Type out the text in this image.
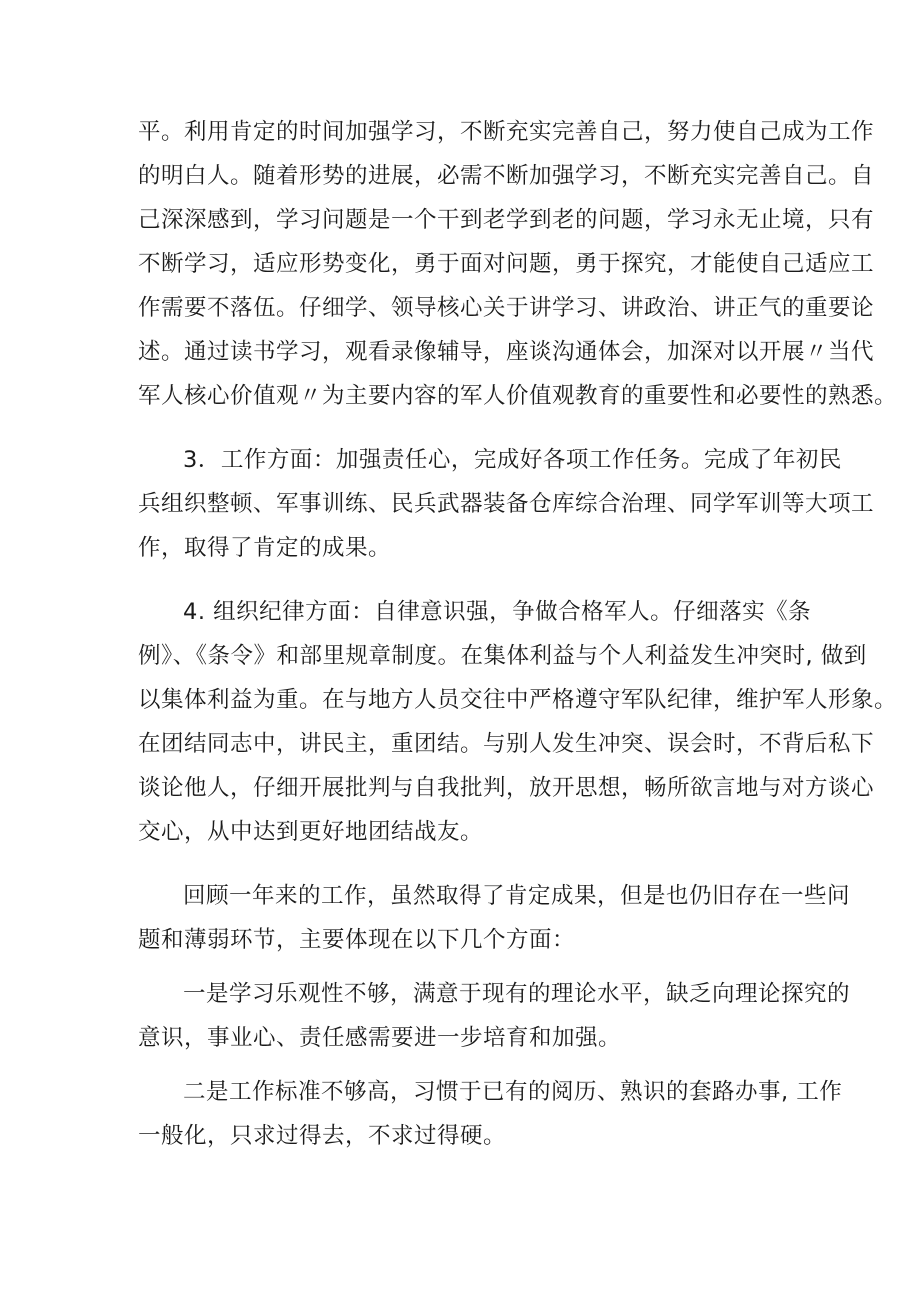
平。利用肯定的时间加强学习，不断充实完善自己，努力使自己成为工作
的明白人。随着形势的进展，必需不断加强学习，不断充实完善自己。自
己深深感到，学习问题是一个干到老学到老的问题，学习永无止境，只有
不断学习，适应形势变化，勇于面对问题，勇于探究，才能使自己适应工
作需要不落伍。仔细学、领导核心关于讲学习、讲政治、讲正气的重要论
述。通过读书学习，观看录像辅导，座谈沟通体会，加深对以开展〃当代
军人核心价值观〃为主要内容的军人价值观教育的重要性和必要性的熟悉。
3．工作方面：加强责任心，完成好各项工作任务。完成了年初民
兵组织整顿、军事训练、民兵武器装备仓库综合治理、同学军训等大项工
作，取得了肯定的成果。
4. 组织纪律方面：自律意识强，争做合格军人。仔细落实《条
例》、《条令》和部里规章制度。在集体利益与个人利益发生冲突时, 做到
以集体利益为重。在与地方人员交往中严格遵守军队纪律，维护军人形象。
在团结同志中，讲民主，重团结。与别人发生冲突、误会时，不背后私下
谈论他人，仔细开展批判与自我批判，放开思想，畅所欲言地与对方谈心
交心，从中达到更好地团结战友。
回顾一年来的工作，虽然取得了肯定成果，但是也仍旧存在一些问
题和薄弱环节，主要体现在以下几个方面：
一是学习乐观性不够，满意于现有的理论水平，缺乏向理论探究的
意识，事业心、责任感需要进一步培育和加强。
二是工作标准不够高，习惯于已有的阅历、熟识的套路办事, 工作
一般化，只求过得去，不求过得硬。
